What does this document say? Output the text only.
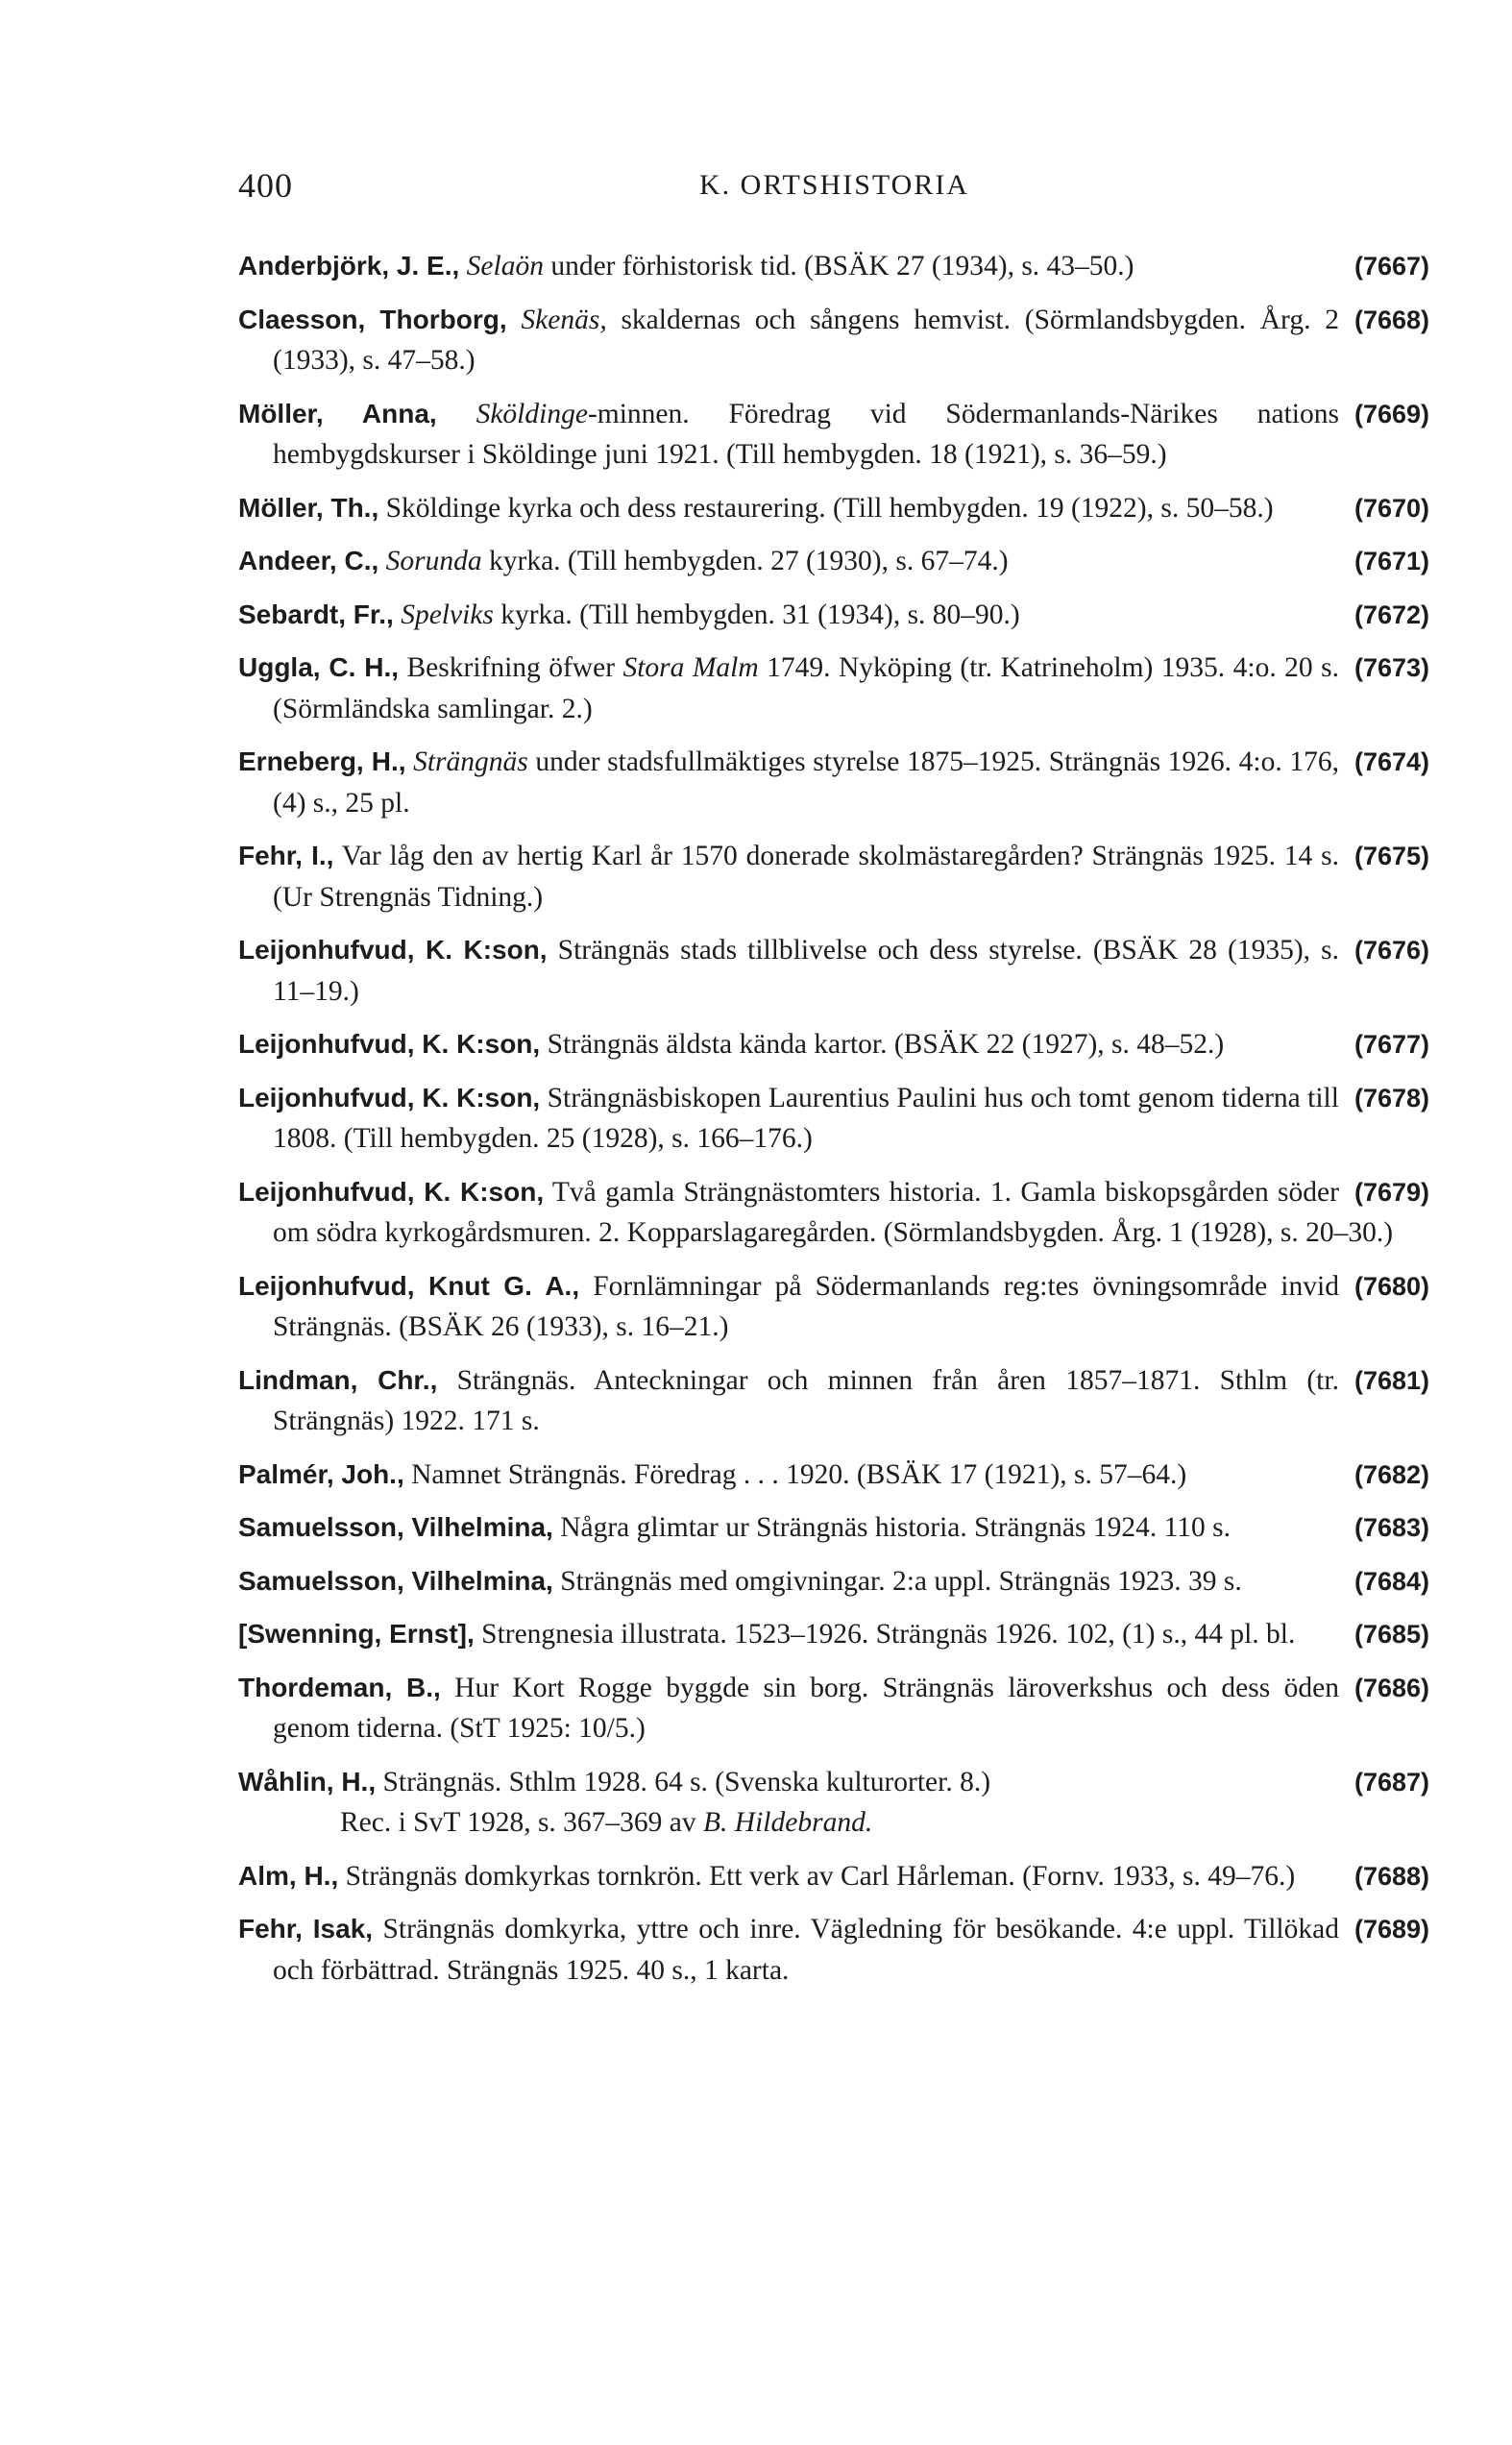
400	K. ORTSHISTORIA
(7667)
Anderbjörk, J. E., Selaön under förhistorisk tid. (BSÄK 27 (1934), s. 43–50.)
(7668)
Claesson, Thorborg, Skenäs, skaldernas och sångens hemvist. (Sörmlandsbygden. Årg. 2 (1933), s. 47–58.)
(7669)
Möller, Anna, Sköldinge-minnen. Föredrag vid Södermanlands-Närikes nations hembygdskurser i Sköldinge juni 1921. (Till hembygden. 18 (1921), s. 36–59.)
(7670)
Möller, Th., Sköldinge kyrka och dess restaurering. (Till hembygden. 19 (1922), s. 50–58.)
(7671)
Andeer, C., Sorunda kyrka. (Till hembygden. 27 (1930), s. 67–74.)
(7672)
Sebardt, Fr., Spelviks kyrka. (Till hembygden. 31 (1934), s. 80–90.)
(7673)
Uggla, C. H., Beskrifning öfwer Stora Malm 1749. Nyköping (tr. Katrineholm) 1935. 4:o. 20 s. (Sörmländska samlingar. 2.)
(7674)
Erneberg, H., Strängnäs under stadsfullmäktiges styrelse 1875–1925. Strängnäs 1926. 4:o. 176, (4) s., 25 pl.
(7675)
Fehr, I., Var låg den av hertig Karl år 1570 donerade skolmästaregården? Strängnäs 1925. 14 s. (Ur Strengnäs Tidning.)
(7676)
Leijonhufvud, K. K:son, Strängnäs stads tillblivelse och dess styrelse. (BSÄK 28 (1935), s. 11–19.)
(7677)
Leijonhufvud, K. K:son, Strängnäs äldsta kända kartor. (BSÄK 22 (1927), s. 48–52.)
(7678)
Leijonhufvud, K. K:son, Strängnäsbiskopen Laurentius Paulini hus och tomt genom tiderna till 1808. (Till hembygden. 25 (1928), s. 166–176.)
(7679)
Leijonhufvud, K. K:son, Två gamla Strängnästomters historia. 1. Gamla biskopsgården söder om södra kyrkogårdsmuren. 2. Kopparslagaregården. (Sörmlandsbygden. Årg. 1 (1928), s. 20–30.)
(7680)
Leijonhufvud, Knut G. A., Fornlämningar på Södermanlands reg:tes övningsområde invid Strängnäs. (BSÄK 26 (1933), s. 16–21.)
(7681)
Lindman, Chr., Strängnäs. Anteckningar och minnen från åren 1857–1871. Sthlm (tr. Strängnäs) 1922. 171 s.
(7682)
Palmér, Joh., Namnet Strängnäs. Föredrag . . . 1920. (BSÄK 17 (1921), s. 57–64.)
(7683)
Samuelsson, Vilhelmina, Några glimtar ur Strängnäs historia. Strängnäs 1924. 110 s.
(7684)
Samuelsson, Vilhelmina, Strängnäs med omgivningar. 2:a uppl. Strängnäs 1923. 39 s.
(7685)
[Swenning, Ernst], Strengnesia illustrata. 1523–1926. Strängnäs 1926. 102, (1) s., 44 pl. bl.
(7686)
Thordeman, B., Hur Kort Rogge byggde sin borg. Strängnäs läroverkshus och dess öden genom tiderna. (StT 1925: 10/5.)
(7687)
Wåhlin, H., Strängnäs. Sthlm 1928. 64 s. (Svenska kulturorter. 8.)
Rec. i SvT 1928, s. 367–369 av B. Hildebrand.
(7688)
Alm, H., Strängnäs domkyrkas tornkrön. Ett verk av Carl Hårleman. (Fornv. 1933, s. 49–76.)
(7689)
Fehr, Isak, Strängnäs domkyrka, yttre och inre. Vägledning för besökande. 4:e uppl. Tillökad och förbättrad. Strängnäs 1925. 40 s., 1 karta.
